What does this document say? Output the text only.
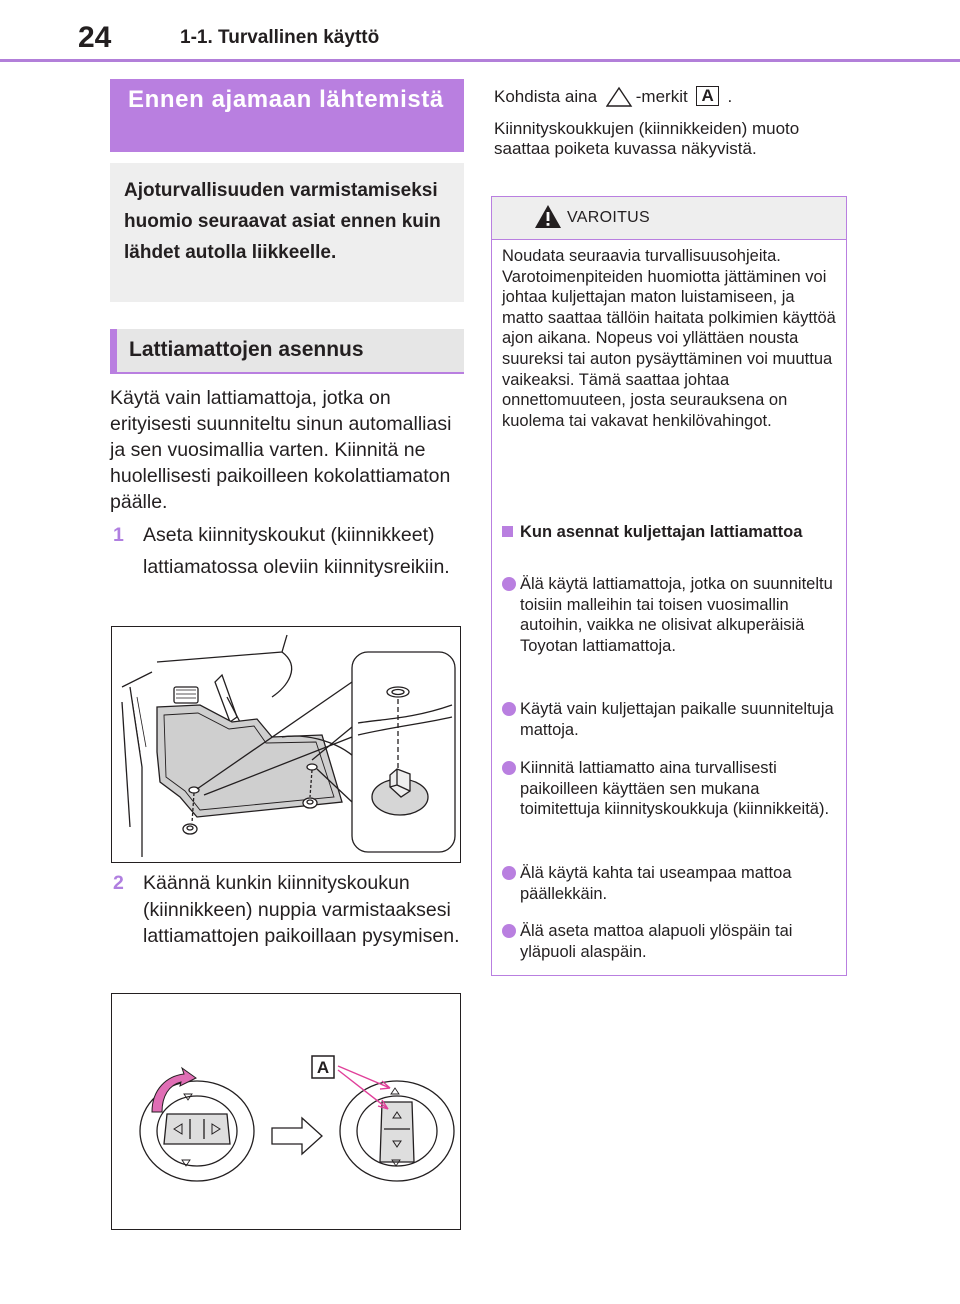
24	1-1. Turvallinen käyttö
Ennen ajamaan lähtemistä
Ajoturvallisuuden varmistamiseksi huomio seuraavat asiat ennen kuin lähdet autolla liikkeelle.
Lattiamattojen asennus
Käytä vain lattiamattoja, jotka on erityisesti suunniteltu sinun automalliasi ja sen vuosimallia varten. Kiinnitä ne huolellisesti paikoilleen kokolattiamaton päälle.
1 Aseta kiinnityskoukut (kiinnikkeet) lattiamatossa oleviin kiinnitysreikiin.
2 Käännä kunkin kiinnityskoukun (kiinnikkeen) nuppia varmistaaksesi lattiamattojen paikoillaan pysymisen.
A
Kohdista aina -merkit A .
Kiinnityskoukkujen (kiinnikkeiden) muoto saattaa poiketa kuvassa näkyvistä.
VAROITUS
Noudata seuraavia turvallisuusohjeita. Varotoimenpiteiden huomiotta jättäminen voi johtaa kuljettajan maton luistamiseen, ja matto saattaa tällöin haitata polkimien käyttöä ajon aikana. Nopeus voi yllättäen nousta suureksi tai auton pysäyttäminen voi muuttua vaikeaksi. Tämä saattaa johtaa onnettomuuteen, josta seurauksena on kuolema tai vakavat henkilövahingot.
Kun asennat kuljettajan lattiamattoa
Älä käytä lattiamattoja, jotka on suunniteltu toisiin malleihin tai toisen vuosimallin autoihin, vaikka ne olisivat alkuperäisiä Toyotan lattiamattoja.
Käytä vain kuljettajan paikalle suunniteltuja mattoja.
Kiinnitä lattiamatto aina turvallisesti paikoilleen käyttäen sen mukana toimitettuja kiinnityskoukkuja (kiinnikkeitä).
Älä käytä kahta tai useampaa mattoa päällekkäin.
Älä aseta mattoa alapuoli ylöspäin tai yläpuoli alaspäin.
